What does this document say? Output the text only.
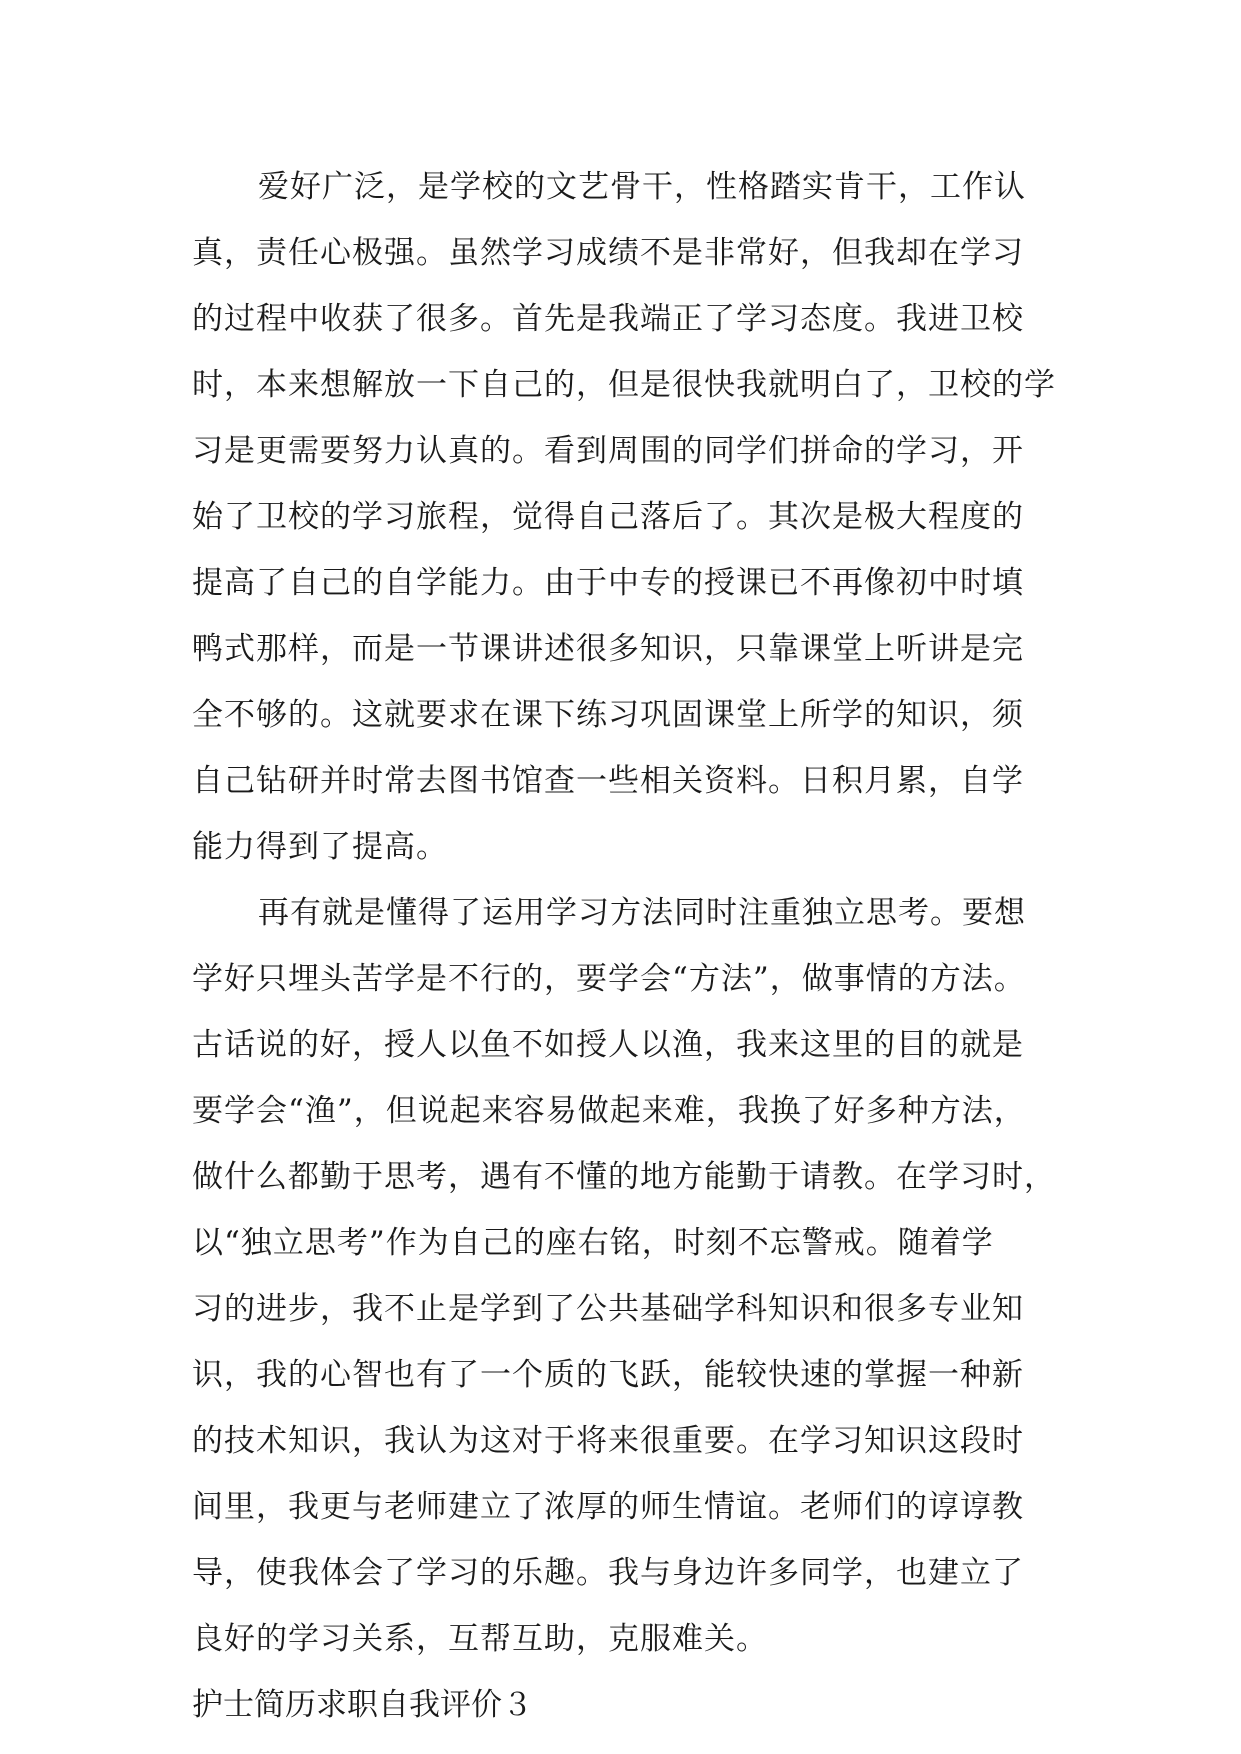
爱好广泛，是学校的文艺骨干，性格踏实肯干，工作认
真，责任心极强。虽然学习成绩不是非常好，但我却在学习
的过程中收获了很多。首先是我端正了学习态度。我进卫校
时，本来想解放一下自己的，但是很快我就明白了，卫校的学
习是更需要努力认真的。看到周围的同学们拼命的学习，开
始了卫校的学习旅程，觉得自己落后了。其次是极大程度的
提高了自己的自学能力。由于中专的授课已不再像初中时填
鸭式那样，而是一节课讲述很多知识，只靠课堂上听讲是完
全不够的。这就要求在课下练习巩固课堂上所学的知识，须
自己钻研并时常去图书馆查一些相关资料。日积月累，自学
能力得到了提高。
再有就是懂得了运用学习方法同时注重独立思考。要想
学好只埋头苦学是不行的，要学会“方法”，做事情的方法。
古话说的好，授人以鱼不如授人以渔，我来这里的目的就是
要学会“渔”，但说起来容易做起来难，我换了好多种方法，
做什么都勤于思考，遇有不懂的地方能勤于请教。在学习时，
以“独立思考”作为自己的座右铭，时刻不忘警戒。随着学
习的进步，我不止是学到了公共基础学科知识和很多专业知
识，我的心智也有了一个质的飞跃，能较快速的掌握一种新
的技术知识，我认为这对于将来很重要。在学习知识这段时
间里，我更与老师建立了浓厚的师生情谊。老师们的谆谆教
导，使我体会了学习的乐趣。我与身边许多同学，也建立了
良好的学习关系，互帮互助，克服难关。
护士简历求职自我评价３
